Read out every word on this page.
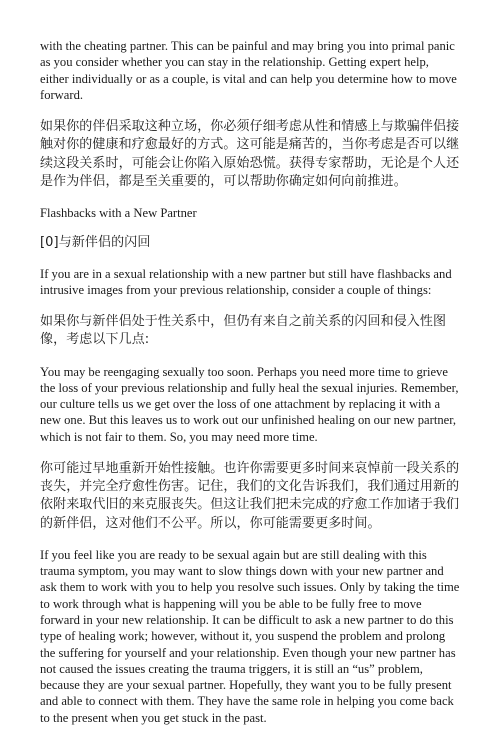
with the cheating partner. This can be painful and may bring you into primal panic as you consider whether you can stay in the relationship. Getting expert help, either individually or as a couple, is vital and can help you determine how to move forward.

如果你的伴侣采取这种立场，你必须仔细考虑从性和情感上与欺骗伴侣接触对你的健康和疗愈最好的方式。这可能是痛苦的，当你考虑是否可以继续这段关系时，可能会让你陷入原始恐慌。获得专家帮助，无论是个人还是作为伴侣，都是至关重要的，可以帮助你确定如何向前推进。

Flashbacks with a New Partner

[0]与新伴侣的闪回

If you are in a sexual relationship with a new partner but still have flashbacks and intrusive images from your previous relationship, consider a couple of things:

如果你与新伴侣处于性关系中，但仍有来自之前关系的闪回和侵入性图像，考虑以下几点:

You may be reengaging sexually too soon. Perhaps you need more time to grieve the loss of your previous relationship and fully heal the sexual injuries. Remember, our culture tells us we get over the loss of one attachment by replacing it with a new one. But this leaves us to work out our unfinished healing on our new partner, which is not fair to them. So, you may need more time.

你可能过早地重新开始性接触。也许你需要更多时间来哀悼前一段关系的丧失，并完全疗愈性伤害。记住，我们的文化告诉我们，我们通过用新的依附来取代旧的来克服丧失。但这让我们把未完成的疗愈工作加诸于我们的新伴侣，这对他们不公平。所以，你可能需要更多时间。

If you feel like you are ready to be sexual again but are still dealing with this trauma symptom, you may want to slow things down with your new partner and ask them to work with you to help you resolve such issues. Only by taking the time to work through what is happening will you be able to be fully free to move forward in your new relationship. It can be difficult to ask a new partner to do this type of healing work; however, without it, you suspend the problem and prolong the suffering for yourself and your relationship. Even though your new partner has not caused the issues creating the trauma triggers, it is still an “us” problem, because they are your sexual partner. Hopefully, they want you to be fully present and able to connect with them. They have the same role in helping you come back to the present when you get stuck in the past.
